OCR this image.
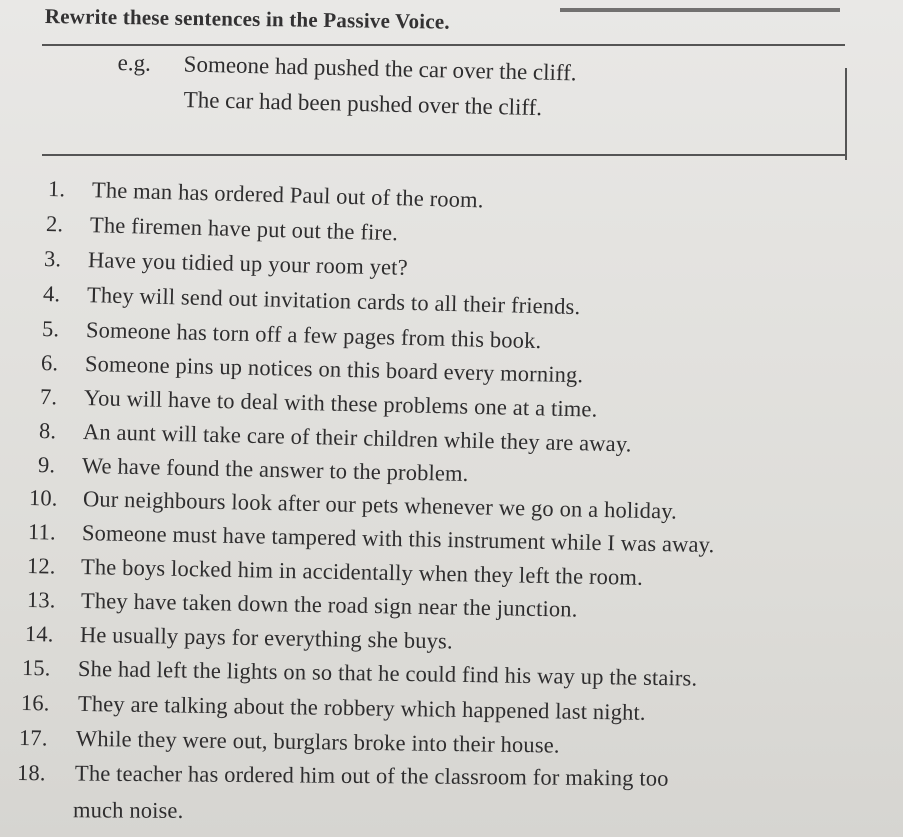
Rewrite these sentences in the Passive Voice.
e.g. Someone had pushed the car over the cliff.
The car had been pushed over the cliff.
1. The man has ordered Paul out of the room.
2. The firemen have put out the fire.
3. Have you tidied up your room yet?
4. They will send out invitation cards to all their friends.
5. Someone has torn off a few pages from this book.
6. Someone pins up notices on this board every morning.
7. You will have to deal with these problems one at a time.
8. An aunt will take care of their children while they are away.
9. We have found the answer to the problem.
10. Our neighbours look after our pets whenever we go on a holiday.
11. Someone must have tampered with this instrument while I was away.
12. The boys locked him in accidentally when they left the room.
13. They have taken down the road sign near the junction.
14. He usually pays for everything she buys.
15. She had left the lights on so that he could find his way up the stairs.
16. They are talking about the robbery which happened last night.
17. While they were out, burglars broke into their house.
18. The teacher has ordered him out of the classroom for making too
much noise.
